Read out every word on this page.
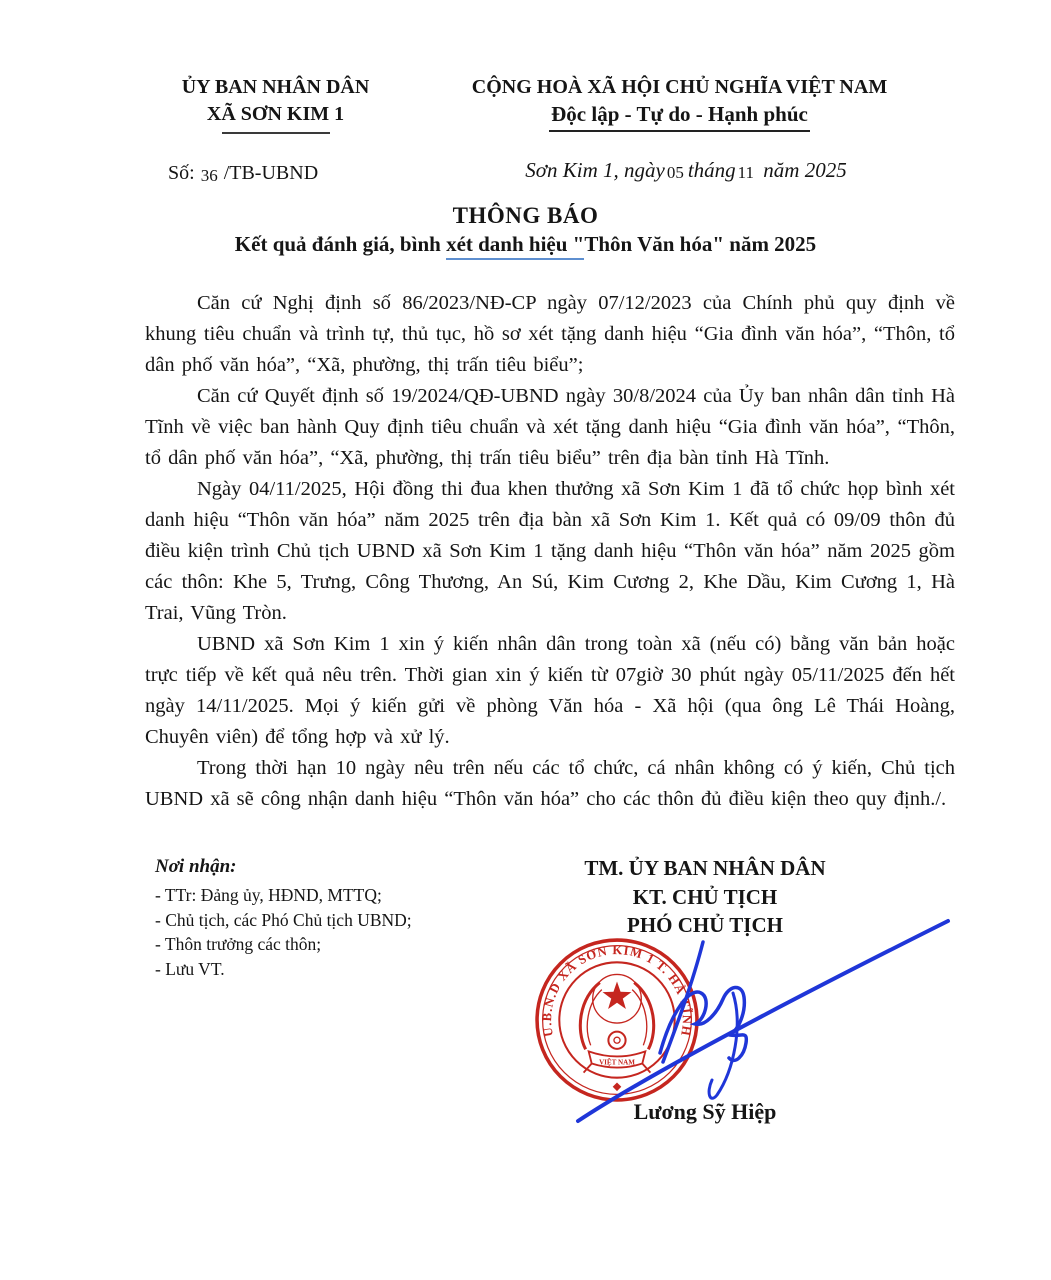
ỦY BAN NHÂN DÂN
XÃ SƠN KIM 1
CỘNG HOÀ XÃ HỘI CHỦ NGHĨA VIỆT NAM
Độc lập - Tự do - Hạnh phúc
Số: 36 /TB-UBND	Sơn Kim 1, ngày 05 tháng 11 năm 2025
THÔNG BÁO
Kết quả đánh giá, bình xét danh hiệu "Thôn Văn hóa" năm 2025

Căn cứ Nghị định số 86/2023/NĐ-CP ngày 07/12/2023 của Chính phủ quy định về khung tiêu chuẩn và trình tự, thủ tục, hồ sơ xét tặng danh hiệu “Gia đình văn hóa”, “Thôn, tổ dân phố văn hóa”, “Xã, phường, thị trấn tiêu biểu”;

Căn cứ Quyết định số 19/2024/QĐ-UBND ngày 30/8/2024 của Ủy ban nhân dân tỉnh Hà Tĩnh về việc ban hành Quy định tiêu chuẩn và xét tặng danh hiệu “Gia đình văn hóa”, “Thôn, tổ dân phố văn hóa”, “Xã, phường, thị trấn tiêu biểu” trên địa bàn tỉnh Hà Tĩnh.

Ngày 04/11/2025, Hội đồng thi đua khen thưởng xã Sơn Kim 1 đã tổ chức họp bình xét danh hiệu “Thôn văn hóa” năm 2025 trên địa bàn xã Sơn Kim 1. Kết quả có 09/09 thôn đủ điều kiện trình Chủ tịch UBND xã Sơn Kim 1 tặng danh hiệu “Thôn văn hóa” năm 2025 gồm các thôn: Khe 5, Trưng, Công Thương, An Sú, Kim Cương 2, Khe Dầu, Kim Cương 1, Hà Trai, Vũng Tròn.

UBND xã Sơn Kim 1 xin ý kiến nhân dân trong toàn xã (nếu có) bằng văn bản hoặc trực tiếp về kết quả nêu trên. Thời gian xin ý kiến từ 07giờ 30 phút ngày 05/11/2025 đến hết ngày 14/11/2025. Mọi ý kiến gửi về phòng Văn hóa - Xã hội (qua ông Lê Thái Hoàng, Chuyên viên) để tổng hợp và xử lý.

Trong thời hạn 10 ngày nêu trên nếu các tổ chức, cá nhân không có ý kiến, Chủ tịch UBND xã sẽ công nhận danh hiệu “Thôn văn hóa” cho các thôn đủ điều kiện theo quy định./.

Nơi nhận:
- TTr: Đảng ủy, HĐND, MTTQ;
- Chủ tịch, các Phó Chủ tịch UBND;
- Thôn trưởng các thôn;
- Lưu VT.
TM. ỦY BAN NHÂN DÂN
KT. CHỦ TỊCH
PHÓ CHỦ TỊCH
U.B.N.D XÃ SƠN KIM 1 T. HÀ TĨNH
VIỆT NAM
Lương Sỹ Hiệp
